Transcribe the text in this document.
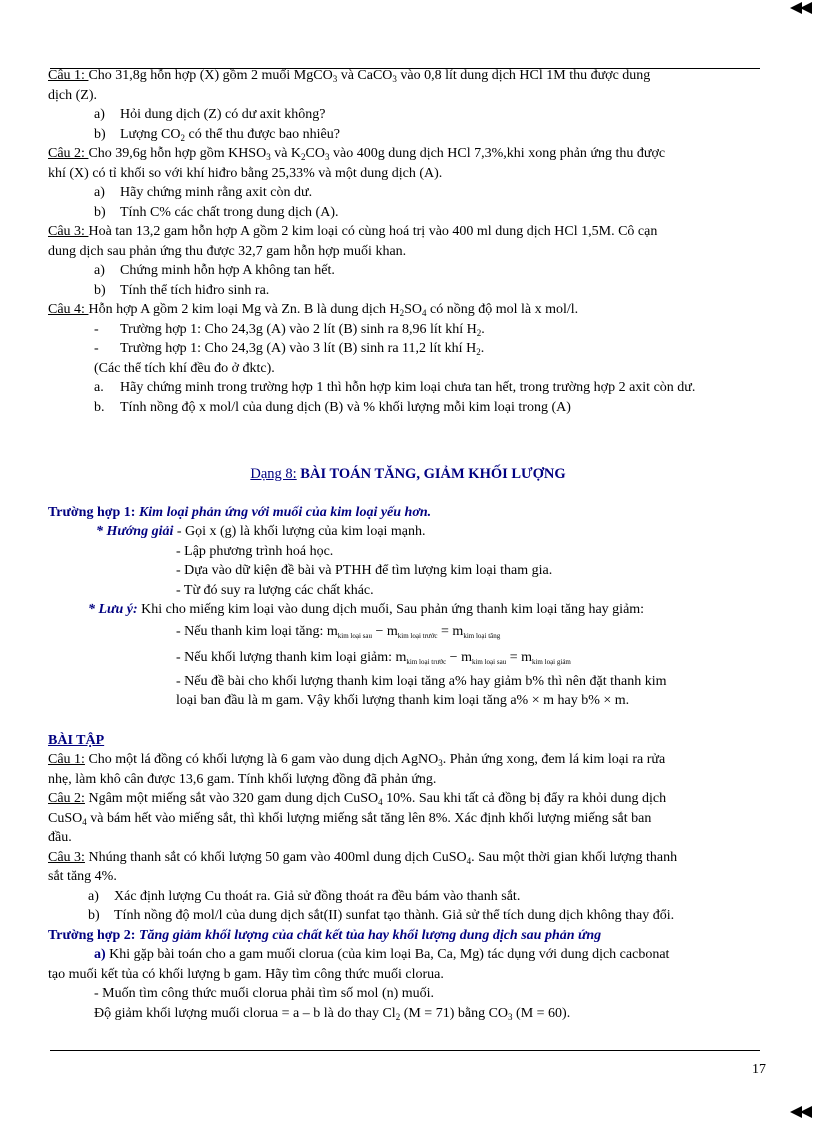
Câu 1: Cho 31,8g hỗn hợp (X) gồm 2 muối MgCO$_3$ và CaCO$_3$ vào 0,8 lít dung dịch HCl 1M thu được dung
dịch (Z).

a)	Hỏi dung dịch (Z) có dư axit không?
b)	Lượng $CO_2$ có thể thu được bao nhiêu?

Câu 2: Cho 39,6g hỗn hợp gồm $KHSO_3$ và $K_2CO_3$ vào 400g dung dịch HCl 7,3%,khi xong phản ứng thu được
khí (X) có tỉ khối so với khí hiđro bằng 25,33% và một dung dịch (A).

a)	Hãy chứng minh rằng axit còn dư.
b)	Tính C% các chất trong dung dịch (A).

Câu 3: Hoà tan 13,2 gam hỗn hợp A gồm 2 kim loại có cùng hoá trị vào 400 ml dung dịch HCl 1,5M. Cô cạn
dung dịch sau phản ứng thu được 32,7 gam hỗn hợp muối khan.

a)	Chứng minh hỗn hợp A không tan hết.
b)	Tính thể tích hiđro sinh ra.

Câu 4: Hỗn hợp A gồm 2 kim loại Mg và Zn. B là dung dịch $H_2SO_4$ có nồng độ mol là x mol/l.

-	Trường hợp 1: Cho 24,3g (A) vào 2 lít (B) sinh ra 8,96 lít khí $H_2$.
-	Trường hợp 1: Cho 24,3g (A) vào 3 lít (B) sinh ra 11,2 lít khí $H_2$.

(Các thể tích khí đều đo ở đktc).

a.	Hãy chứng minh trong trường hợp 1 thì hỗn hợp kim loại chưa tan hết, trong trường hợp 2 axit còn dư.
b.	Tính nồng độ x mol/l của dung dịch (B) và % khối lượng mỗi kim loại trong (A)

Dạng 8: BÀI TOÁN TĂNG, GIẢM KHỐI LƯỢNG

Trường hợp 1: Kim loại phản ứng với muối của kim loại yếu hơn.

* Hướng giải - Gọi x (g) là khối lượng của kim loại mạnh.

- Lập phương trình hoá học.

- Dựa vào dữ kiện đề bài và PTHH để tìm lượng kim loại tham gia.

- Từ đó suy ra lượng các chất khác.

* Lưu ý: Khi cho miếng kim loại vào dung dịch muối, Sau phản ứng thanh kim loại tăng hay giảm:

- Nếu thanh kim loại tăng: $m_{kim loại sau} - m_{kim loại trước} = m_{kim loại tăng}$

- Nếu khối lượng thanh kim loại giảm: $m_{kim loại trước} - m_{kim loại sau} = m_{kim loại giảm}$

- Nếu đề bài cho khối lượng thanh kim loại tăng a% hay giảm b% thì nên đặt thanh kim

loại ban đầu là m gam. Vậy khối lượng thanh kim loại tăng a% × m hay b% × m.

BÀI TẬP

Câu 1: Cho một lá đồng có khối lượng là 6 gam vào dung dịch AgNO$_3$. Phản ứng xong, đem lá kim loại ra rửa
nhẹ, làm khô cân được 13,6 gam. Tính khối lượng đồng đã phản ứng.

Câu 2: Ngâm một miếng sắt vào 320 gam dung dịch CuSO$_4$ 10%. Sau khi tất cả đồng bị đẩy ra khỏi dung dịch
CuSO$_4$ và bám hết vào miếng sắt, thì khối lượng miếng sắt tăng lên 8%. Xác định khối lượng miếng sắt ban
đầu.

Câu 3: Nhúng thanh sắt có khối lượng 50 gam vào 400ml dung dịch CuSO$_4$. Sau một thời gian khối lượng thanh
sắt tăng 4%.

a)	Xác định lượng Cu thoát ra. Giả sử đồng thoát ra đều bám vào thanh sắt.
b)	Tính nồng độ mol/l của dung dịch sắt(II) sunfat tạo thành. Giả sử thể tích dung dịch không thay đổi.

Trường hợp 2: Tăng giảm khối lượng của chất kết tủa hay khối lượng dung dịch sau phản ứng

a) Khi gặp bài toán cho a gam muối clorua (của kim loại Ba, Ca, Mg) tác dụng với dung dịch cacbonat
tạo muối kết tủa có khối lượng b gam. Hãy tìm công thức muối clorua.

- Muốn tìm công thức muối clorua phải tìm số mol (n) muối.

Độ giảm khối lượng muối clorua = a – b là do thay $Cl_2$ (M = 71) bằng $CO_3$ (M = 60).

17
